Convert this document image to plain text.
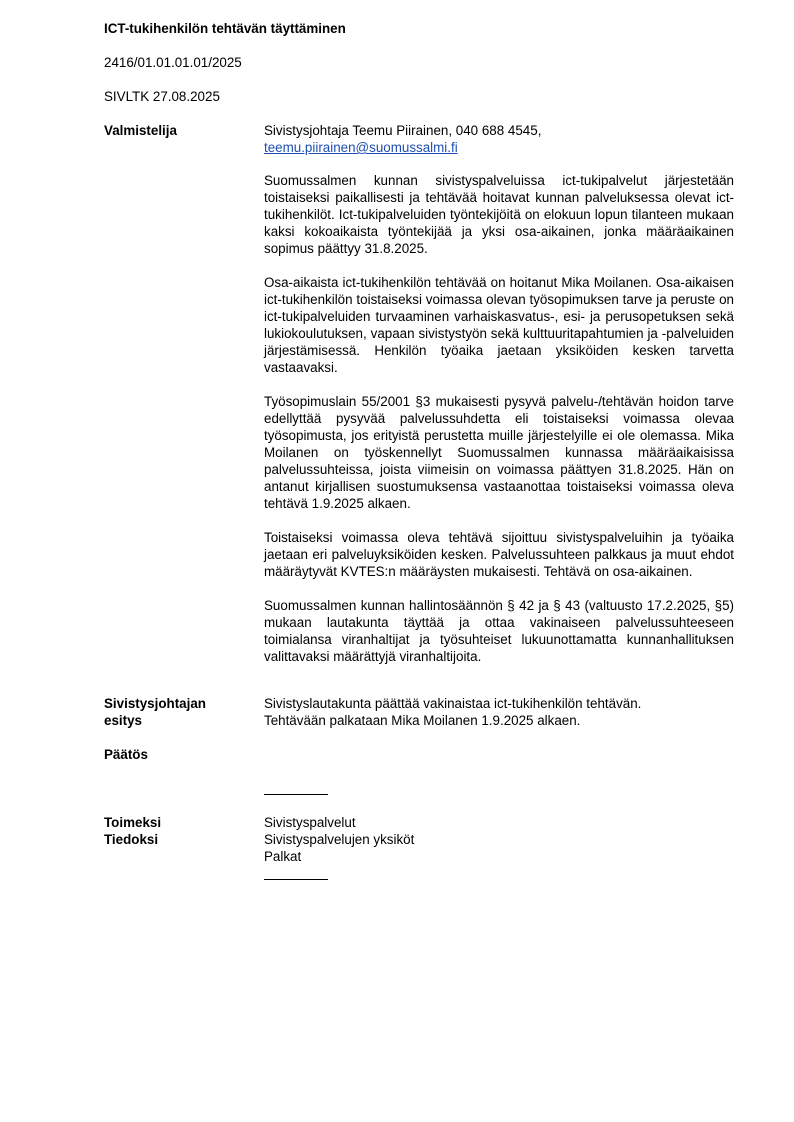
ICT-tukihenkilön tehtävän täyttäminen
2416/01.01.01.01/2025
SIVLTK 27.08.2025
Valmistelija	Sivistysjohtaja Teemu Piirainen, 040 688 4545,
teemu.piirainen@suomussalmi.fi

Suomussalmen kunnan sivistyspalveluissa ict-tukipalvelut järjestetään toistaiseksi paikallisesti ja tehtävää hoitavat kunnan palveluksessa olevat ict-tukihenkilöt. Ict-tukipalveluiden työntekijöitä on elokuun lopun tilanteen mukaan kaksi kokoaikaista työntekijää ja yksi osa-aikainen, jonka määräaikainen sopimus päättyy 31.8.2025.

Osa-aikaista ict-tukihenkilön tehtävää on hoitanut Mika Moilanen. Osa-aikaisen ict-tukihenkilön toistaiseksi voimassa olevan työsopimuksen tarve ja peruste on ict-tukipalveluiden turvaaminen varhaiskasvatus-, esi- ja perusopetuksen sekä lukiokoulutuksen, vapaan sivistystyön sekä kulttuuritapahtumien ja -palveluiden järjestämisessä. Henkilön työaika jaetaan yksiköiden kesken tarvetta vastaavaksi.

Työsopimuslain 55/2001 §3 mukaisesti pysyvä palvelu-/tehtävän hoidon tarve edellyttää pysyvää palvelussuhdetta eli toistaiseksi voimassa olevaa työsopimusta, jos erityistä perustetta muille järjestelyille ei ole olemassa. Mika Moilanen on työskennellyt Suomussalmen kunnassa määräaikaisissa palvelussuhteissa, joista viimeisin on voimassa päättyen 31.8.2025. Hän on antanut kirjallisen suostumuksensa vastaanottaa toistaiseksi voimassa oleva tehtävä 1.9.2025 alkaen.

Toistaiseksi voimassa oleva tehtävä sijoittuu sivistyspalveluihin ja työaika jaetaan eri palveluyksiköiden kesken. Palvelussuhteen palkkaus ja muut ehdot määräytyvät KVTES:n määräysten mukaisesti. Tehtävä on osa-aikainen.

Suomussalmen kunnan hallintosäännön § 42 ja § 43 (valtuusto 17.2.2025, §5) mukaan lautakunta täyttää ja ottaa vakinaiseen palvelussuhteeseen toimialansa viranhaltijat ja työsuhteiset lukuunottamatta kunnanhallituksen valittavaksi määrättyjä viranhaltijoita.

Sivistysjohtajan
esitys
Sivistyslautakunta päättää vakinaistaa ict-tukihenkilön tehtävän.
Tehtävään palkataan Mika Moilanen 1.9.2025 alkaen.
Päätös
Toimeksi
Tiedoksi
Sivistyspalvelut
Sivistyspalvelujen yksiköt
Palkat
